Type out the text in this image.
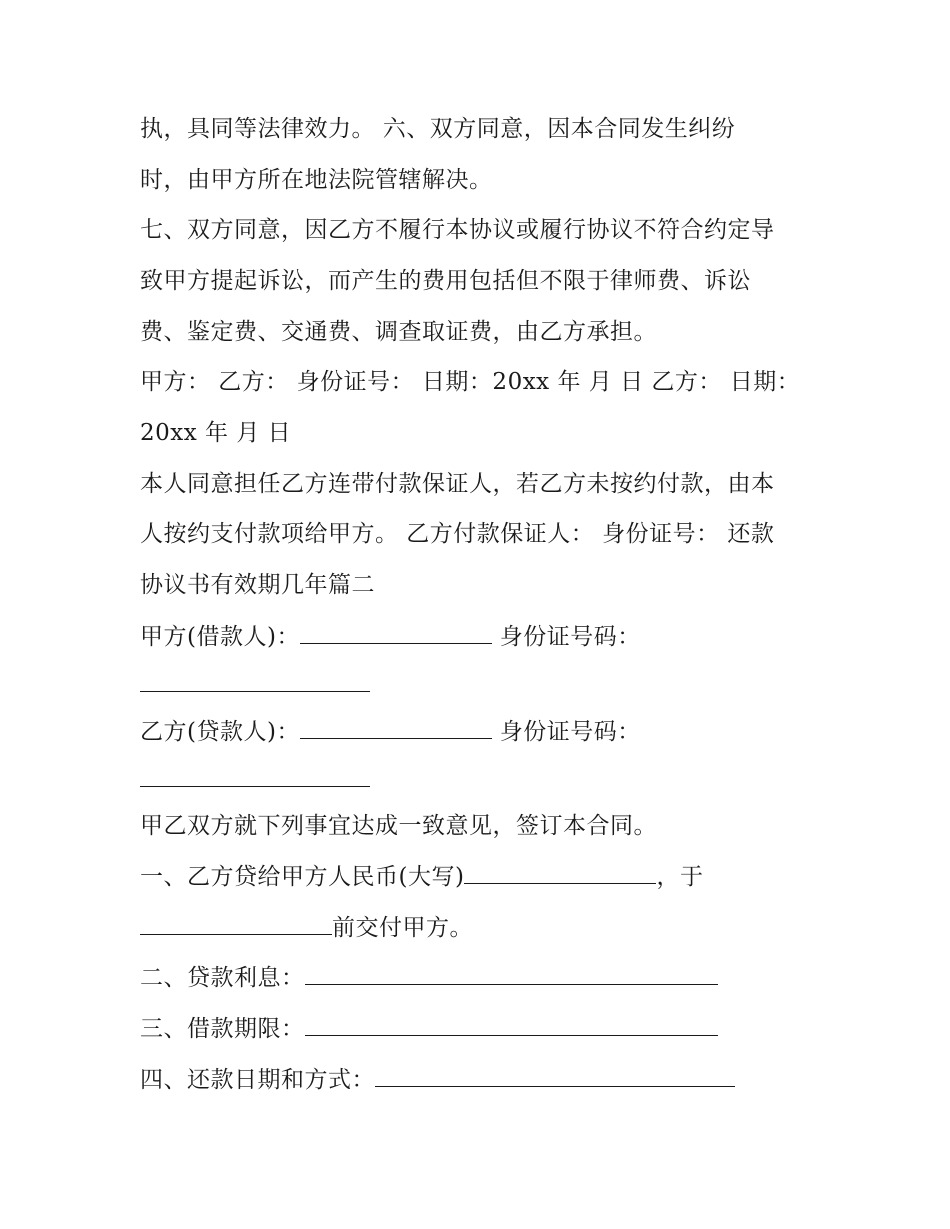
执，具同等法律效力。 六、双方同意，因本合同发生纠纷
时，由甲方所在地法院管辖解决。
七、双方同意，因乙方不履行本协议或履行协议不符合约定导
致甲方提起诉讼，而产生的费用包括但不限于律师费、诉讼
费、鉴定费、交通费、调查取证费，由乙方承担。
甲方： 乙方： 身份证号： 日期：20xx 年 月 日 乙方： 日期：
20xx 年 月 日
本人同意担任乙方连带付款保证人，若乙方未按约付款，由本
人按约支付款项给甲方。 乙方付款保证人： 身份证号： 还款
协议书有效期几年篇二
甲方(借款人)：	身份证号码：
乙方(贷款人)：	身份证号码：
甲乙双方就下列事宜达成一致意见，签订本合同。
一、乙方贷给甲方人民币(大写)	，于
前交付甲方。
二、贷款利息：
三、借款期限：
四、还款日期和方式：
